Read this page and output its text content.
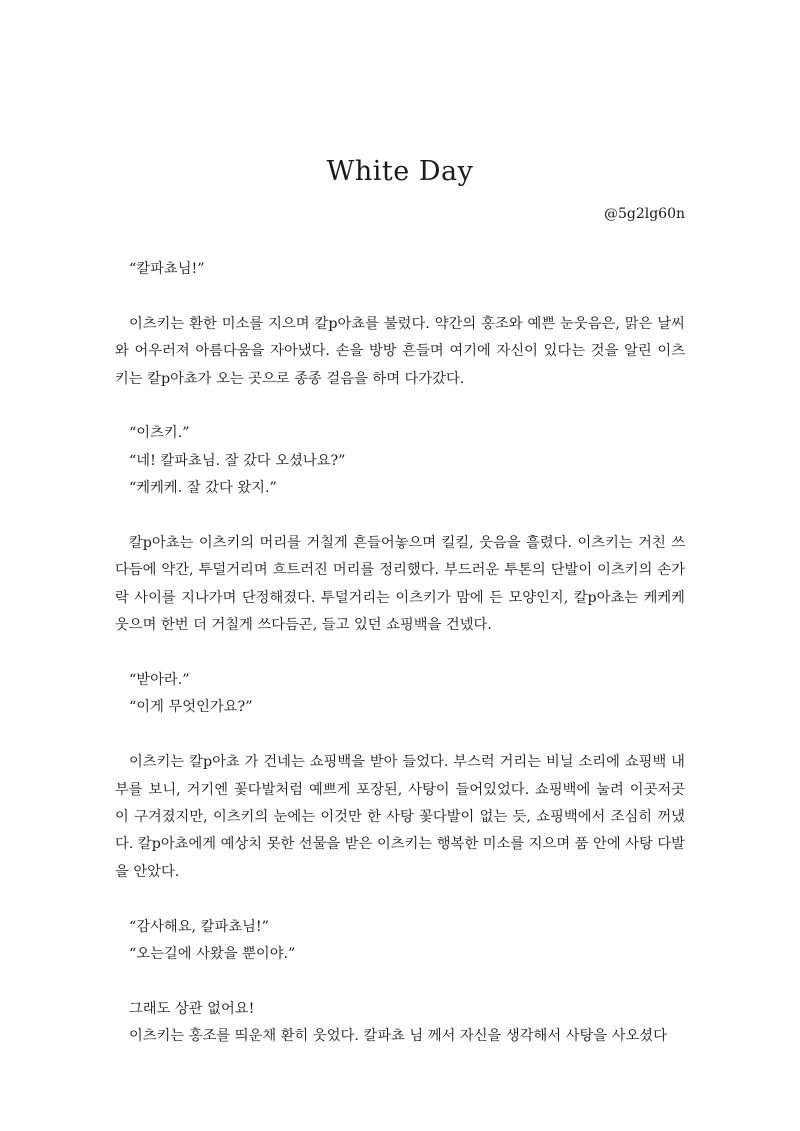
White Day
@5g2lg60n

“칼파쵸님!”

이츠키는 환한 미소를 지으며 칼p아쵸를 불렀다. 약간의 홍조와 예쁜 눈웃음은, 맑은 날씨와 어우러져 아름다움을 자아냈다. 손을 방방 흔들며 여기에 자신이 있다는 것을 알린 이츠키는 칼p아쵸가 오는 곳으로 종종 걸음을 하며 다가갔다.

“이츠키.”

“네! 칼파쵸님. 잘 갔다 오셨나요?”

“케케케. 잘 갔다 왔지.”

칼p아쵸는 이츠키의 머리를 거칠게 흔들어놓으며 킬킬, 웃음을 흘렸다. 이츠키는 거친 쓰다듬에 약간, 투덜거리며 흐트러진 머리를 정리했다. 부드러운 투톤의 단발이 이츠키의 손가락 사이를 지나가며 단정해졌다. 투덜거리는 이츠키가 맘에 든 모양인지, 칼p아쵸는 케케케 웃으며 한번 더 거칠게 쓰다듬곤, 들고 있던 쇼핑백을 건넸다.

“받아라.”

“이게 무엇인가요?”

이츠키는 칼p아쵸 가 건네는 쇼핑백을 받아 들었다. 부스럭 거리는 비닐 소리에 쇼핑백 내부를 보니, 거기엔 꽃다발처럼 예쁘게 포장된, 사탕이 들어있었다. 쇼핑백에 눌려 이곳저곳이 구겨졌지만, 이츠키의 눈에는 이것만 한 사탕 꽃다발이 없는 듯, 쇼핑백에서 조심히 꺼냈다. 칼p아쵸에게 예상치 못한 선물을 받은 이츠키는 행복한 미소를 지으며 품 안에 사탕 다발을 안았다.

“감사해요, 칼파쵸님!”

“오는길에 사왔을 뿐이야.”

그래도 상관 없어요!

이츠키는 홍조를 띄운채 환히 웃었다. 칼파쵸 님 께서 자신을 생각해서 사탕을 사오셨다
